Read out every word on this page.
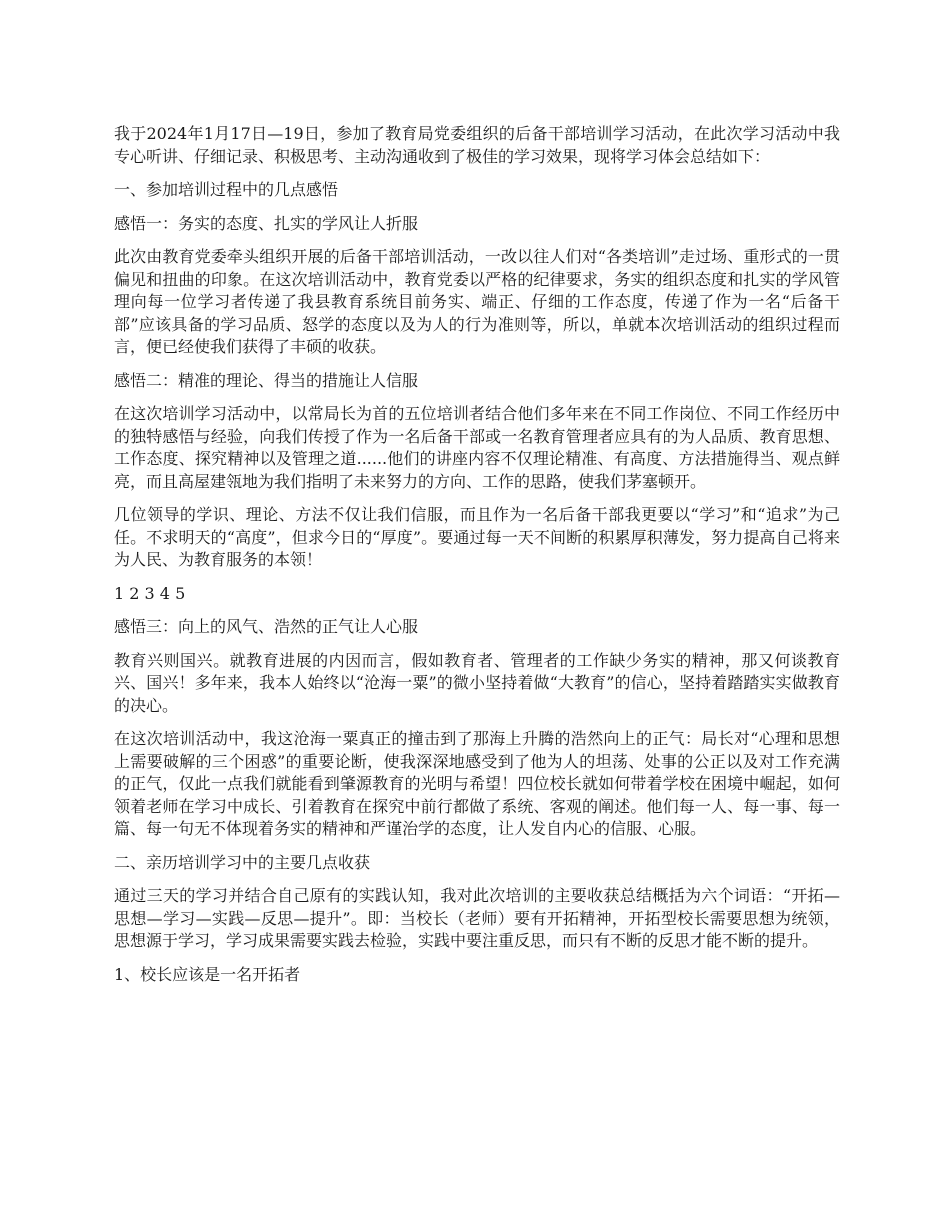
我于2024年1月17日—19日，参加了教育局党委组织的后备干部培训学习活动，在此次学习活动中我专心听讲、仔细记录、积极思考、主动沟通收到了极佳的学习效果，现将学习体会总结如下：

一、参加培训过程中的几点感悟

感悟一：务实的态度、扎实的学风让人折服

此次由教育党委牵头组织开展的后备干部培训活动，一改以往人们对“各类培训”走过场、重形式的一贯偏见和扭曲的印象。在这次培训活动中，教育党委以严格的纪律要求，务实的组织态度和扎实的学风管理向每一位学习者传递了我县教育系统目前务实、端正、仔细的工作态度，传递了作为一名“后备干部”应该具备的学习品质、怒学的态度以及为人的行为准则等，所以，单就本次培训活动的组织过程而言，便已经使我们获得了丰硕的收获。

感悟二：精准的理论、得当的措施让人信服

在这次培训学习活动中，以常局长为首的五位培训者结合他们多年来在不同工作岗位、不同工作经历中的独特感悟与经验，向我们传授了作为一名后备干部或一名教育管理者应具有的为人品质、教育思想、工作态度、探究精神以及管理之道......他们的讲座内容不仅理论精准、有高度、方法措施得当、观点鲜亮，而且高屋建瓴地为我们指明了未来努力的方向、工作的思路，使我们茅塞顿开。

几位领导的学识、理论、方法不仅让我们信服，而且作为一名后备干部我更要以“学习”和“追求”为己任。不求明天的“高度”，但求今日的“厚度”。要通过每一天不间断的积累厚积薄发，努力提高自己将来为人民、为教育服务的本领！

1 2 3 4 5

感悟三：向上的风气、浩然的正气让人心服

教育兴则国兴。就教育进展的内因而言，假如教育者、管理者的工作缺少务实的精神，那又何谈教育兴、国兴！多年来，我本人始终以“沧海一粟”的微小坚持着做“大教育”的信心，坚持着踏踏实实做教育的决心。

在这次培训活动中，我这沧海一粟真正的撞击到了那海上升腾的浩然向上的正气：局长对“心理和思想上需要破解的三个困惑”的重要论断，使我深深地感受到了他为人的坦荡、处事的公正以及对工作充满的正气，仅此一点我们就能看到肇源教育的光明与希望！四位校长就如何带着学校在困境中崛起，如何领着老师在学习中成长、引着教育在探究中前行都做了系统、客观的阐述。他们每一人、每一事、每一篇、每一句无不体现着务实的精神和严谨治学的态度，让人发自内心的信服、心服。

二、亲历培训学习中的主要几点收获

通过三天的学习并结合自己原有的实践认知，我对此次培训的主要收获总结概括为六个词语：“开拓—思想—学习—实践—反思—提升”。即：当校长（老师）要有开拓精神，开拓型校长需要思想为统领，思想源于学习，学习成果需要实践去检验，实践中要注重反思，而只有不断的反思才能不断的提升。

1、校长应该是一名开拓者
